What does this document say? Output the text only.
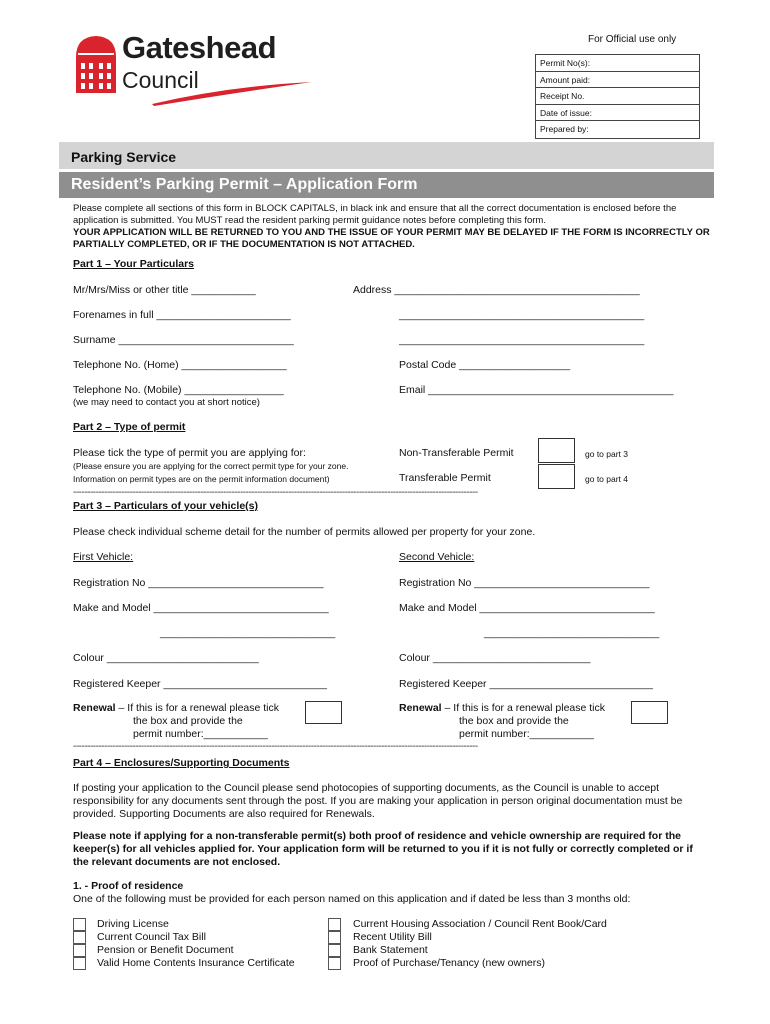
Gateshead
Council
For Official use only
Permit No(s):
Amount paid:
Receipt No.
Date of issue:
Prepared by:
Parking Service
Resident’s Parking Permit – Application Form
Please complete all sections of this form in BLOCK CAPITALS, in black ink and ensure that all the correct documentation is enclosed before the application is submitted. You MUST read the resident parking permit guidance notes before completing this form.
YOUR APPLICATION WILL BE RETURNED TO YOU AND THE ISSUE OF YOUR PERMIT MAY BE DELAYED IF THE FORM IS INCORRECTLY OR PARTIALLY COMPLETED, OR IF THE DOCUMENTATION IS NOT ATTACHED.
Part 1 – Your Particulars
Mr/Mrs/Miss or other title ___________	Address __________________________________________
Forenames in full _______________________	__________________________________________
Surname ______________________________	__________________________________________
Telephone No. (Home) __________________	Postal Code ___________________
Telephone No. (Mobile) _________________	Email __________________________________________
(we may need to contact you at short notice)
Part 2 – Type of permit
Please tick the type of permit you are applying for:
(Please ensure you are applying for the correct permit type for your zone.
Information on permit types are on the permit information document)
Non-Transferable Permit	go to part 3
Transferable Permit	go to part 4
-----------------------------------------------------------------------------------------------------------------------------------------------
Part 3 – Particulars of your vehicle(s)
Please check individual scheme detail for the number of permits allowed per property for your zone.
First Vehicle:
Registration No ______________________________
Make and Model ______________________________
______________________________
Colour __________________________
Registered Keeper ____________________________
Renewal – If this is for a renewal please tick
the box and provide the
permit number:___________
Second Vehicle:
Registration No ______________________________
Make and Model ______________________________
______________________________
Colour ___________________________
Registered Keeper ____________________________
Renewal – If this is for a renewal please tick
the box and provide the
permit number:___________
-----------------------------------------------------------------------------------------------------------------------------------------------
Part 4 – Enclosures/Supporting Documents
If posting your application to the Council please send photocopies of supporting documents, as the Council is unable to accept responsibility for any documents sent through the post. If you are making your application in person original documentation must be provided. Supporting Documents are also required for Renewals.
Please note if applying for a non-transferable permit(s) both proof of residence and vehicle ownership are required for the keeper(s) for all vehicles applied for. Your application form will be returned to you if it is not fully or correctly completed or if the relevant documents are not enclosed.
1. - Proof of residence
One of the following must be provided for each person named on this application and if dated be less than 3 months old:
Driving License
Current Council Tax Bill
Pension or Benefit Document
Valid Home Contents Insurance Certificate
Current Housing Association / Council Rent Book/Card
Recent Utility Bill
Bank Statement
Proof of Purchase/Tenancy (new owners)
